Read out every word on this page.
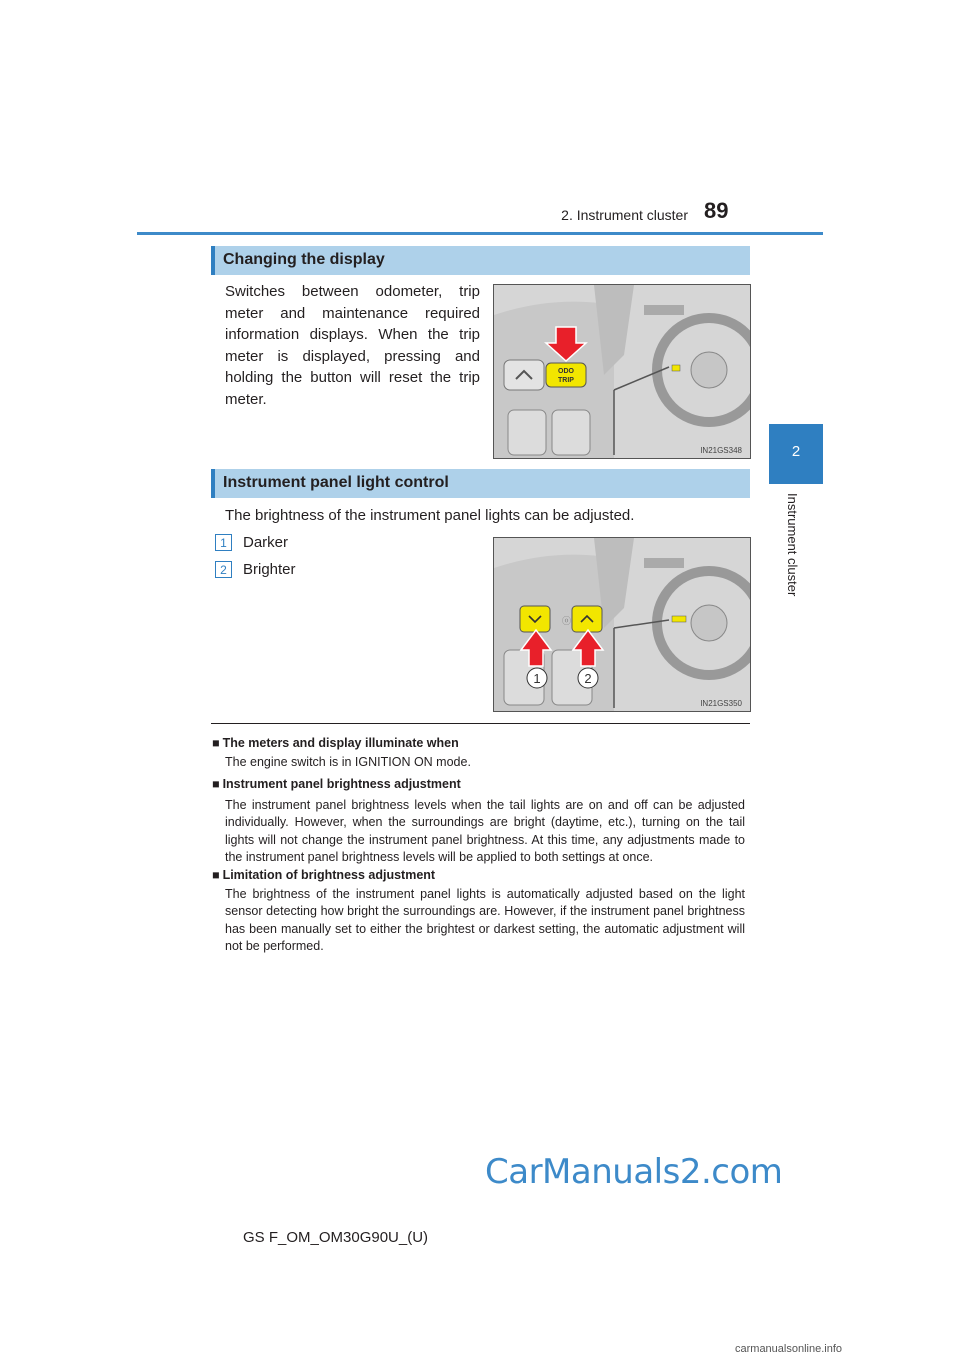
2. Instrument cluster 89
2
Instrument cluster
Changing the display
Switches between odometer, trip meter and maintenance required information displays. When the trip meter is displayed, pressing and holding the button will reset the trip meter.
ODO
TRIP
IN21GS348
Instrument panel light control
The brightness of the instrument panel lights can be adjusted.
1	Darker
2	Brighter
ⓞ
1	2
IN21GS350
■ The meters and display illuminate when
The engine switch is in IGNITION ON mode.
■ Instrument panel brightness adjustment
The instrument panel brightness levels when the tail lights are on and off can be adjusted individually. However, when the surroundings are bright (daytime, etc.), turning on the tail lights will not change the instrument panel brightness. At this time, any adjustments made to the instrument panel brightness levels will be applied to both settings at once.
■ Limitation of brightness adjustment
The brightness of the instrument panel lights is automatically adjusted based on the light sensor detecting how bright the surroundings are. However, if the instrument panel brightness has been manually set to either the brightest or darkest setting, the automatic adjustment will not be performed.
GS F_OM_OM30G90U_(U)
CarManuals2.com
carmanualsonline.info
